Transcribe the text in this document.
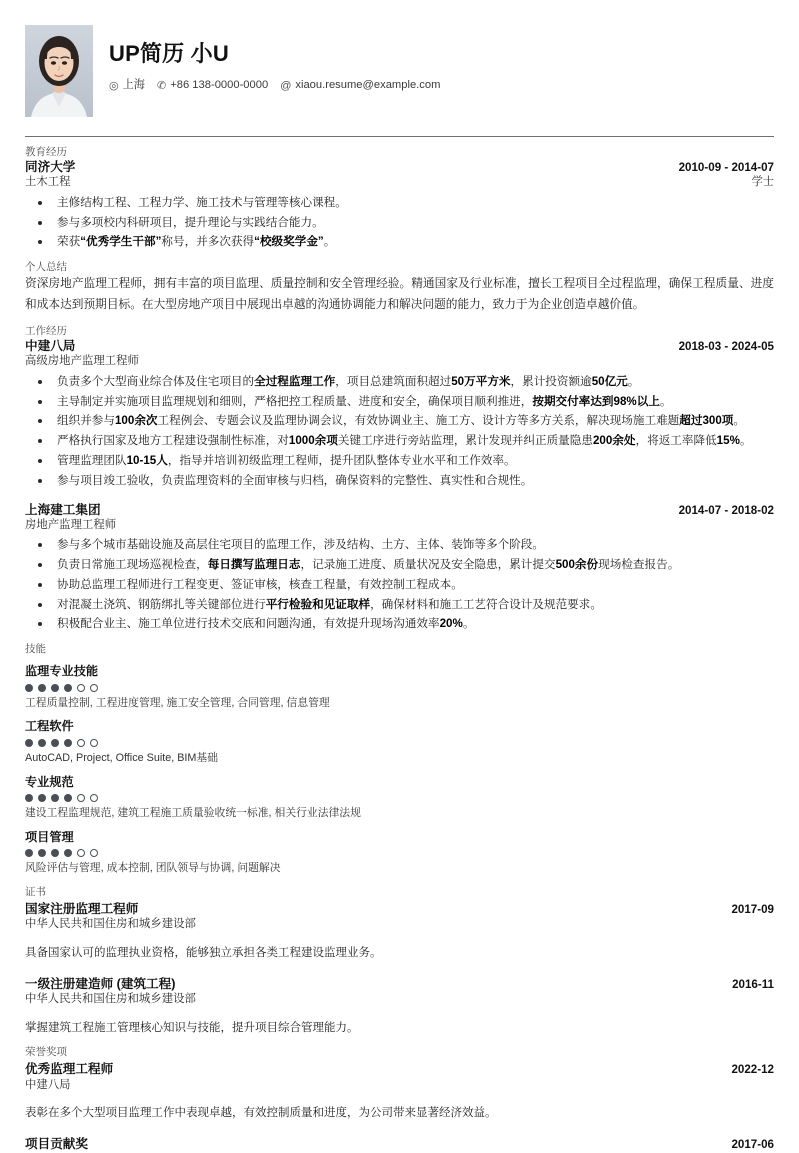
UP简历 小U
◎ 上海 ✆ +86 138-0000-0000 @ xiaou.resume@example.com
教育经历
同济大学	2010-09 - 2014-07
土木工程	学士
主修结构工程、工程力学、施工技术与管理等核心课程。
参与多项校内科研项目，提升理论与实践结合能力。
荣获“优秀学生干部”称号，并多次获得“校级奖学金”。
个人总结
资深房地产监理工程师，拥有丰富的项目监理、质量控制和安全管理经验。精通国家及行业标准，擅长工程项目全过程监理，确保工程质量、进度和成本达到预期目标。在大型房地产项目中展现出卓越的沟通协调能力和解决问题的能力，致力于为企业创造卓越价值。
工作经历
中建八局	2018-03 - 2024-05
高级房地产监理工程师
负责多个大型商业综合体及住宅项目的全过程监理工作，项目总建筑面积超过50万平方米，累计投资额逾50亿元。
主导制定并实施项目监理规划和细则，严格把控工程质量、进度和安全，确保项目顺利推进，按期交付率达到98%以上。
组织并参与100余次工程例会、专题会议及监理协调会议，有效协调业主、施工方、设计方等多方关系，解决现场施工难题超过300项。
严格执行国家及地方工程建设强制性标准，对1000余项关键工序进行旁站监理，累计发现并纠正质量隐患200余处，将返工率降低15%。
管理监理团队10-15人，指导并培训初级监理工程师，提升团队整体专业水平和工作效率。
参与项目竣工验收，负责监理资料的全面审核与归档，确保资料的完整性、真实性和合规性。
上海建工集团	2014-07 - 2018-02
房地产监理工程师
参与多个城市基础设施及高层住宅项目的监理工作，涉及结构、土方、主体、装饰等多个阶段。
负责日常施工现场巡视检查，每日撰写监理日志，记录施工进度、质量状况及安全隐患，累计提交500余份现场检查报告。
协助总监理工程师进行工程变更、签证审核，核查工程量，有效控制工程成本。
对混凝土浇筑、钢筋绑扎等关键部位进行平行检验和见证取样，确保材料和施工工艺符合设计及规范要求。
积极配合业主、施工单位进行技术交底和问题沟通，有效提升现场沟通效率20%。
技能
监理专业技能
工程质量控制, 工程进度管理, 施工安全管理, 合同管理, 信息管理
工程软件
AutoCAD, Project, Office Suite, BIM基础
专业规范
建设工程监理规范, 建筑工程施工质量验收统一标准, 相关行业法律法规
项目管理
风险评估与管理, 成本控制, 团队领导与协调, 问题解决
证书
国家注册监理工程师	2017-09
中华人民共和国住房和城乡建设部
具备国家认可的监理执业资格，能够独立承担各类工程建设监理业务。
一级注册建造师 (建筑工程)	2016-11
中华人民共和国住房和城乡建设部
掌握建筑工程施工管理核心知识与技能，提升项目综合管理能力。
荣誉奖项
优秀监理工程师	2022-12
中建八局
表彰在多个大型项目监理工作中表现卓越，有效控制质量和进度，为公司带来显著经济效益。
项目贡献奖	2017-06
